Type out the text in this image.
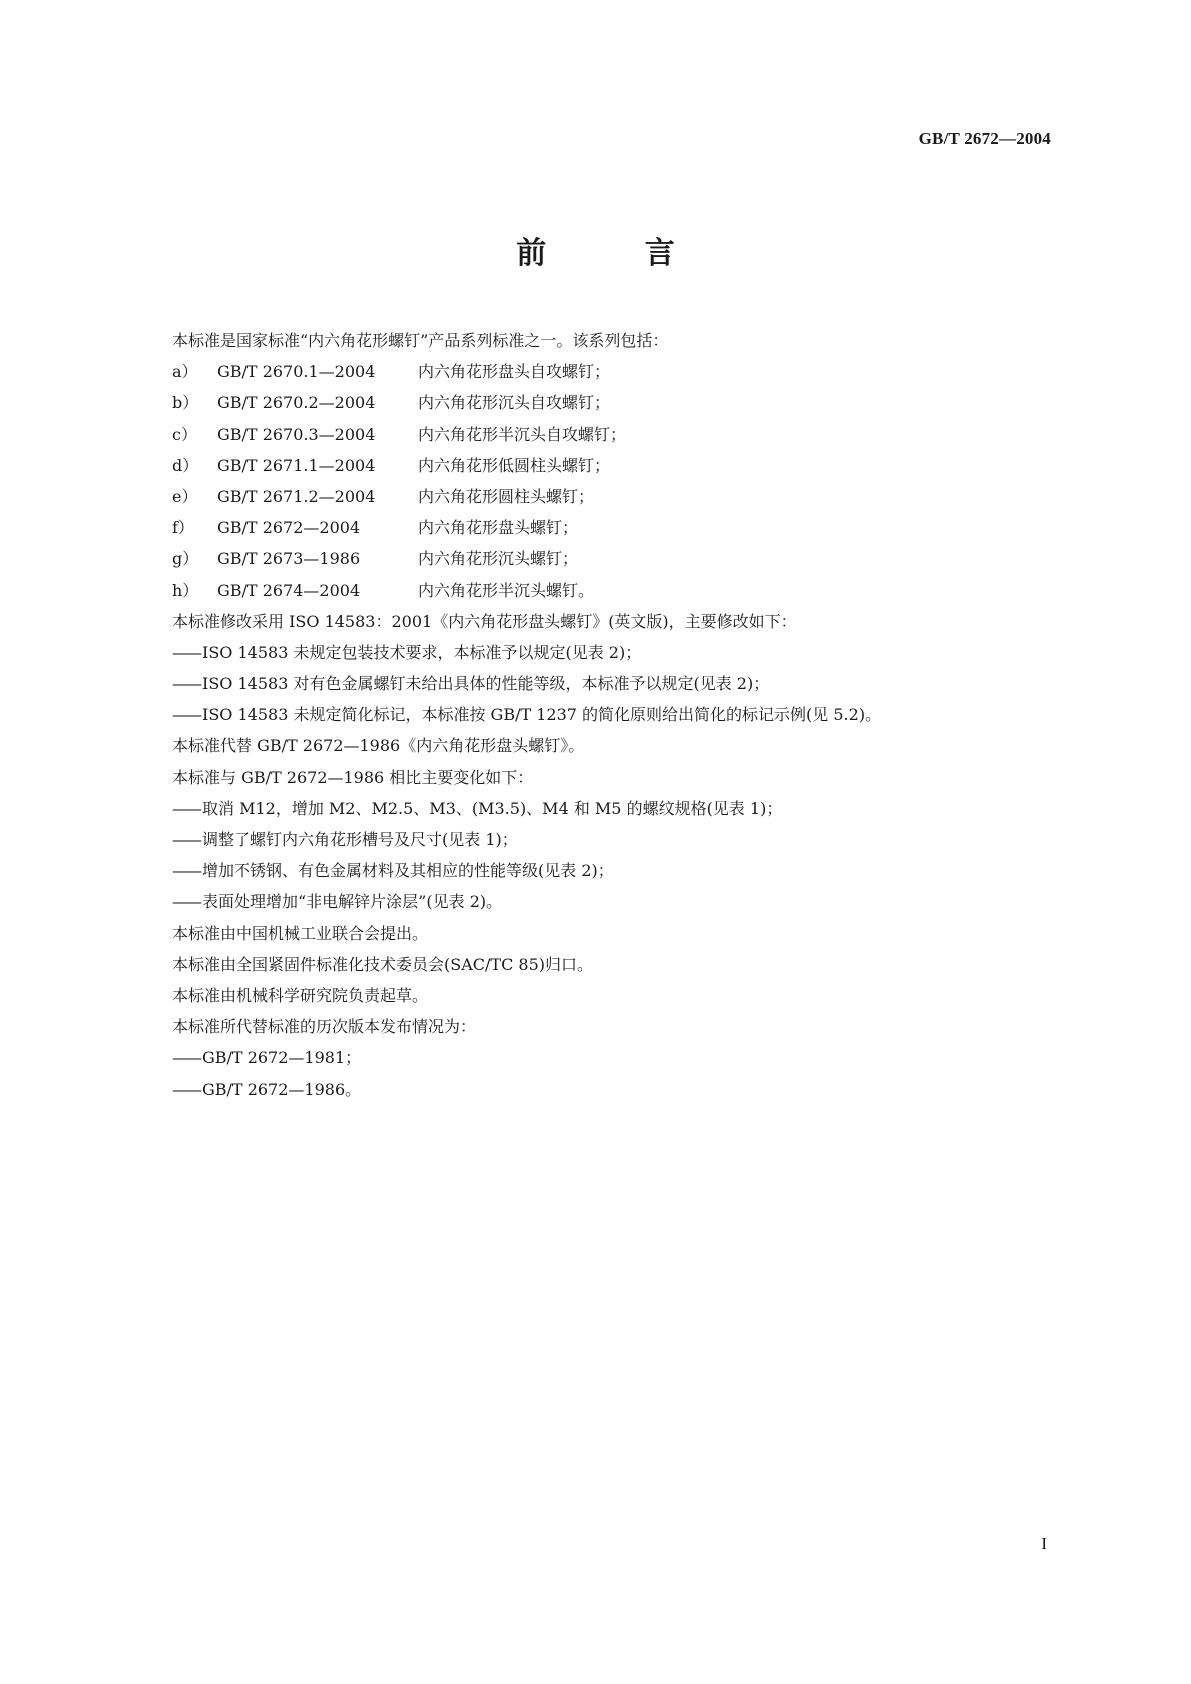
GB/T 2672—2004
前 言
本标准是国家标准“内六角花形螺钉”产品系列标准之一。该系列包括：
a） GB/T 2670.1—2004	内六角花形盘头自攻螺钉；
b） GB/T 2670.2—2004	内六角花形沉头自攻螺钉；
c） GB/T 2670.3—2004	内六角花形半沉头自攻螺钉；
d） GB/T 2671.1—2004	内六角花形低圆柱头螺钉；
e） GB/T 2671.2—2004	内六角花形圆柱头螺钉；
f） GB/T 2672—2004	内六角花形盘头螺钉；
g） GB/T 2673—1986	内六角花形沉头螺钉；
h） GB/T 2674—2004	内六角花形半沉头螺钉。
本标准修改采用 ISO 14583：2001《内六角花形盘头螺钉》(英文版)，主要修改如下：
—— ISO 14583 未规定包装技术要求，本标准予以规定(见表 2)；
—— ISO 14583 对有色金属螺钉未给出具体的性能等级，本标准予以规定(见表 2)；
—— ISO 14583 未规定简化标记，本标准按 GB/T 1237 的简化原则给出简化的标记示例(见 5.2)。
本标准代替 GB/T 2672—1986《内六角花形盘头螺钉》。
本标准与 GB/T 2672—1986 相比主要变化如下：
—— 取消 M12，增加 M2、M2.5、M3、(M3.5)、M4 和 M5 的螺纹规格(见表 1)；
—— 调整了螺钉内六角花形槽号及尺寸(见表 1)；
—— 增加不锈钢、有色金属材料及其相应的性能等级(见表 2)；
—— 表面处理增加“非电解锌片涂层”(见表 2)。
本标准由中国机械工业联合会提出。
本标准由全国紧固件标准化技术委员会(SAC/TC 85)归口。
本标准由机械科学研究院负责起草。
本标准所代替标准的历次版本发布情况为：
—— GB/T 2672—1981；
—— GB/T 2672—1986。
I
